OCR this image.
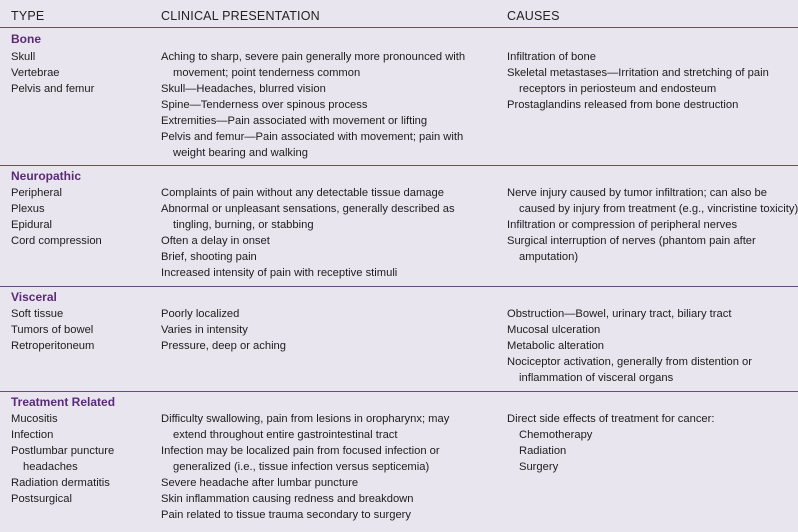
TYPE	CLINICAL PRESENTATION	CAUSES
Bone
Skull
Vertebrae
Pelvis and femur
Aching to sharp, severe pain generally more pronounced with
movement; point tenderness common
Skull—Headaches, blurred vision
Spine—Tenderness over spinous process
Extremities—Pain associated with movement or lifting
Pelvis and femur—Pain associated with movement; pain with
weight bearing and walking
Infiltration of bone
Skeletal metastases—Irritation and stretching of pain
receptors in periosteum and endosteum
Prostaglandins released from bone destruction
Neuropathic
Peripheral
Plexus
Epidural
Cord compression
Complaints of pain without any detectable tissue damage
Abnormal or unpleasant sensations, generally described as
tingling, burning, or stabbing
Often a delay in onset
Brief, shooting pain
Increased intensity of pain with receptive stimuli
Nerve injury caused by tumor infiltration; can also be
caused by injury from treatment (e.g., vincristine toxicity)
Infiltration or compression of peripheral nerves
Surgical interruption of nerves (phantom pain after
amputation)
Visceral
Soft tissue
Tumors of bowel
Retroperitoneum
Poorly localized
Varies in intensity
Pressure, deep or aching
Obstruction—Bowel, urinary tract, biliary tract
Mucosal ulceration
Metabolic alteration
Nociceptor activation, generally from distention or
inflammation of visceral organs
Treatment Related
Mucositis
Infection
Postlumbar puncture
headaches
Radiation dermatitis
Postsurgical
Difficulty swallowing, pain from lesions in oropharynx; may
extend throughout entire gastrointestinal tract
Infection may be localized pain from focused infection or
generalized (i.e., tissue infection versus septicemia)
Severe headache after lumbar puncture
Skin inflammation causing redness and breakdown
Pain related to tissue trauma secondary to surgery
Direct side effects of treatment for cancer:
Chemotherapy
Radiation
Surgery
